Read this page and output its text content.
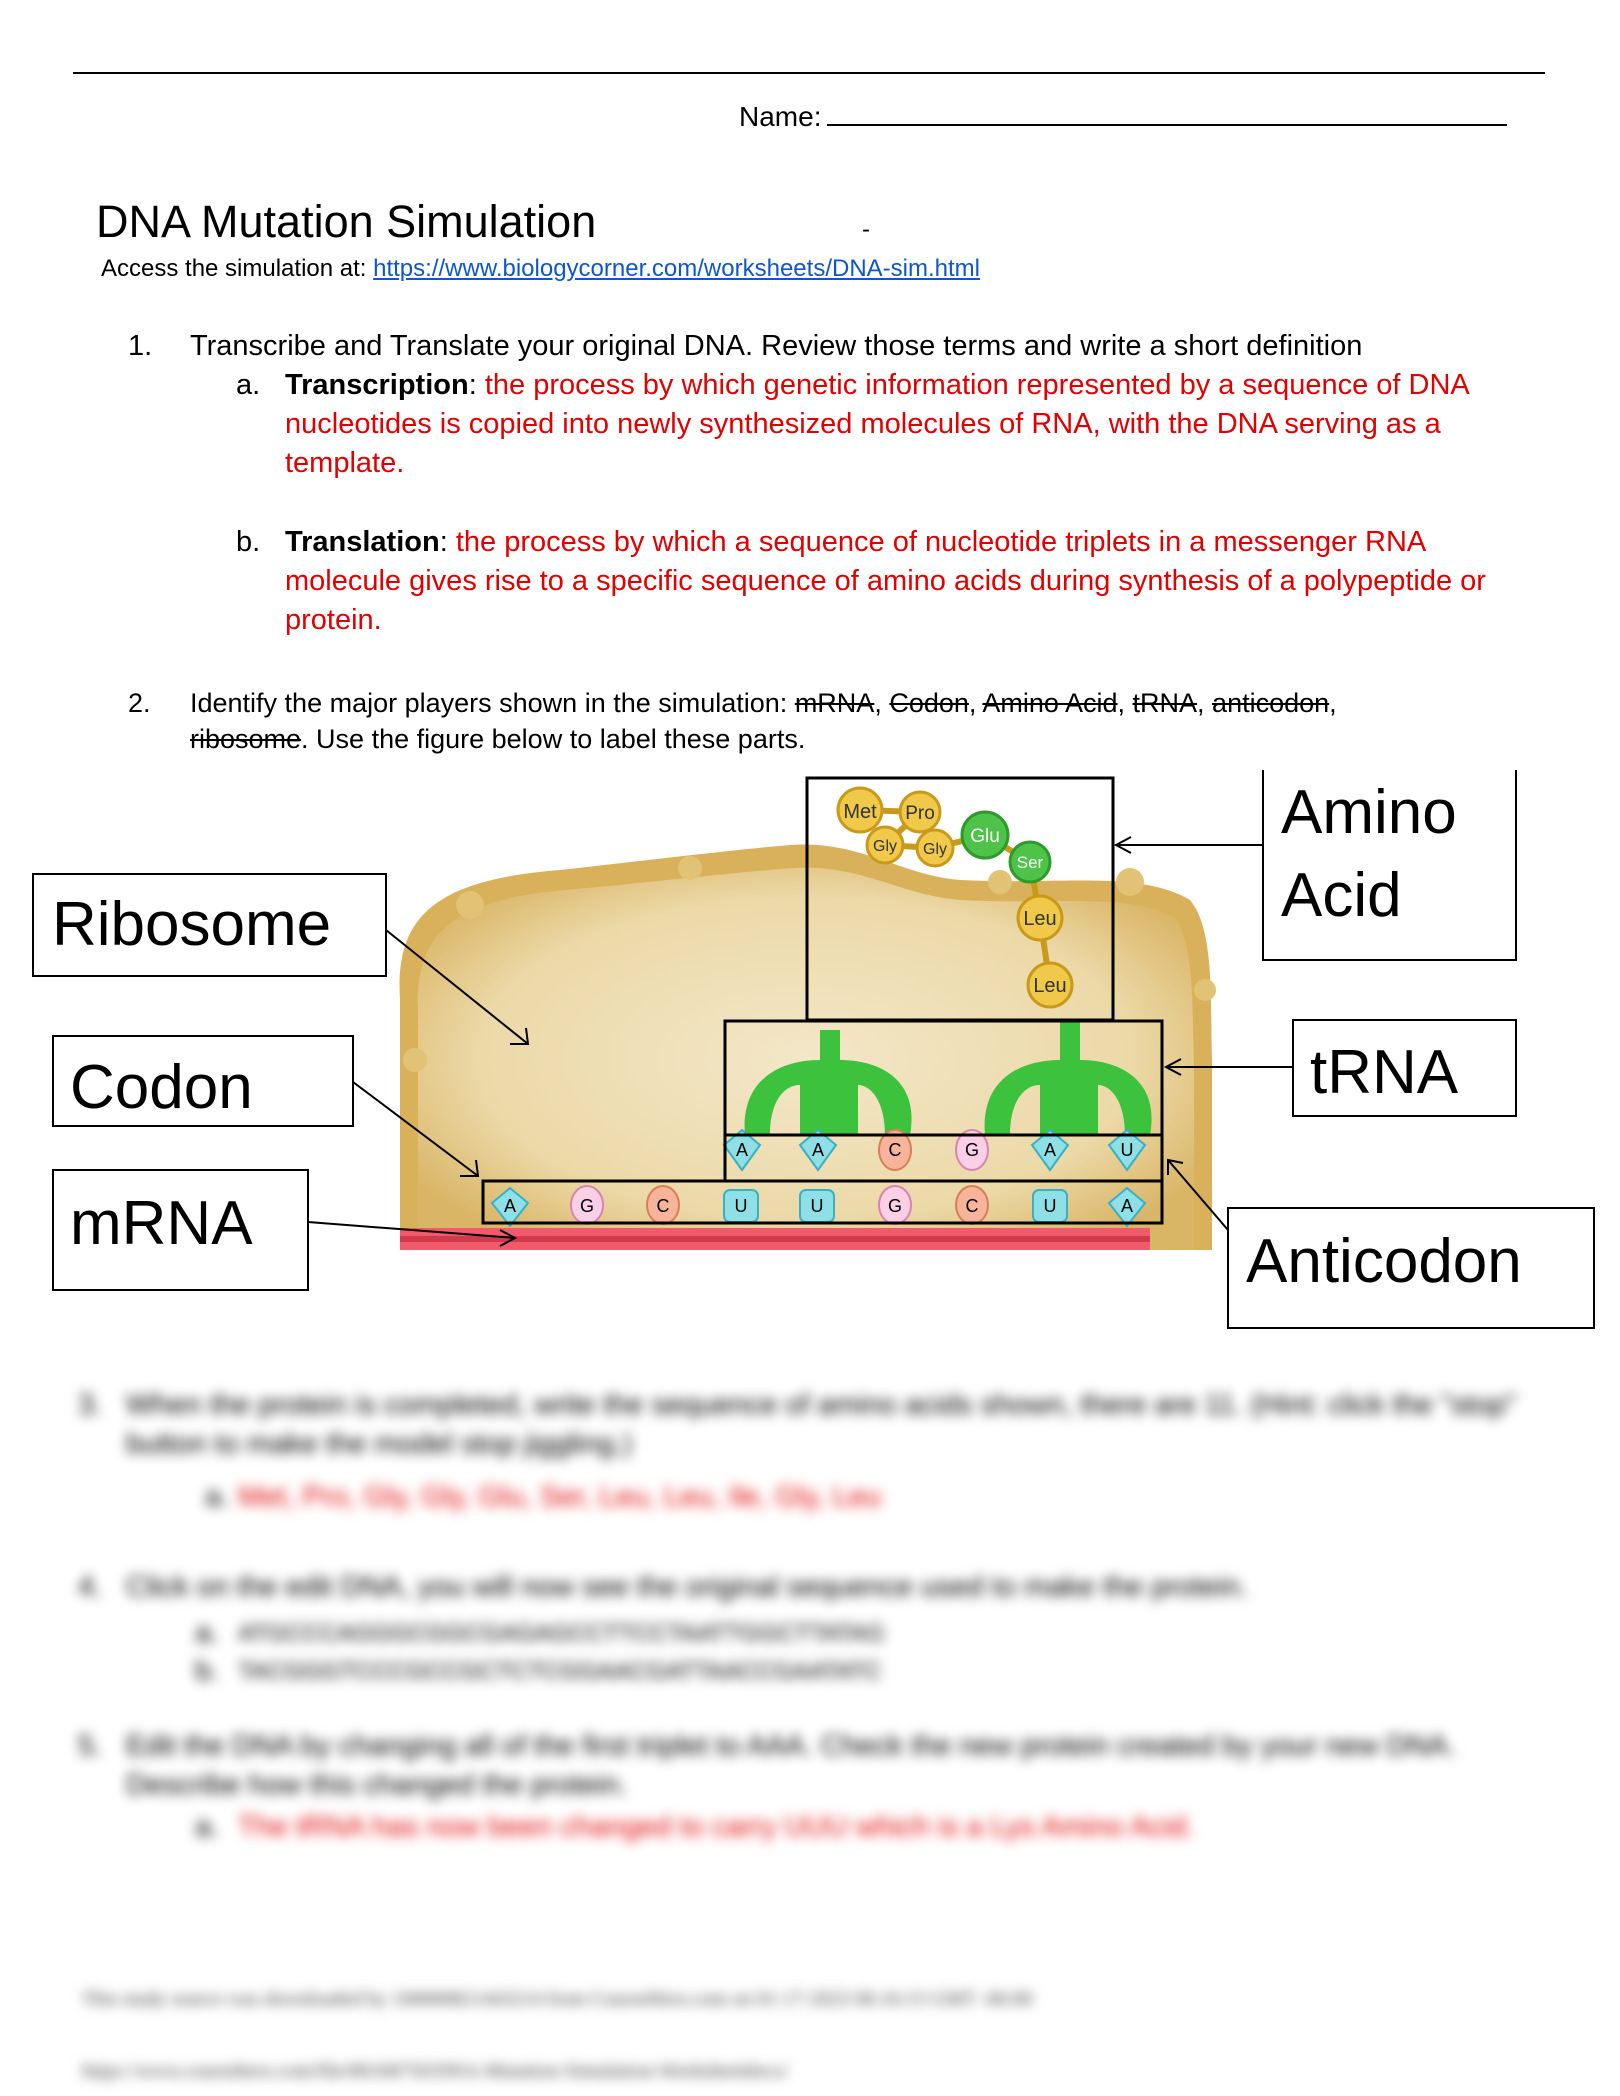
Name:
DNA Mutation Simulation	-
Access the simulation at: https://www.biologycorner.com/worksheets/DNA-sim.html
1. Transcribe and Translate your original DNA. Review those terms and write a short definition
a. Transcription: the process by which genetic information represented by a sequence of DNA nucleotides is copied into newly synthesized molecules of RNA, with the DNA serving as a template.
b. Translation: the process by which a sequence of nucleotide triplets in a messenger RNA molecule gives rise to a specific sequence of amino acids during synthesis of a polypeptide or protein.
2. Identify the major players shown in the simulation: mRNA, Codon, Amino Acid, tRNA, anticodon, ribosome. Use the figure below to label these parts.
Met Pro
Gly Gly
Glu
Ser
Leu
Leu
A	A	C	G	A	U
A	G	C	U	U	G	C	U	A
Ribosome
Codon
mRNA
Amino
Acid
tRNA
Anticodon
3. When the protein is completed, write the sequence of amino acids shown, there are 11. (Hint: click the "stop" button to make the model stop jiggling.)
a. Met, Pro, Gly, Gly, Glu, Ser, Leu, Leu, Ile, Gly, Leu
4. Click on the edit DNA, you will now see the original sequence used to make the protein.
a. ATGCCCAGGGCGGCGAGAGCCTTCCTAATTGGCTTATAG
b. TACGGGTCCCGCCGCTCTCGGAACGATTAACCGAATATC
5. Edit the DNA by changing all of the first triplet to AAA. Check the new protein created by your new DNA. Describe how this changed the protein.
a. The tRNA has now been changed to carry UUU which is a Lys Amino Acid.
This study source was downloaded by 100000821443214 from CourseHero.com on 01-17-2023 06:16:15 GMT -06:00
https://www.coursehero.com/file/80168750/DNA-Mutation-Simulation-Worksheetdocx/
